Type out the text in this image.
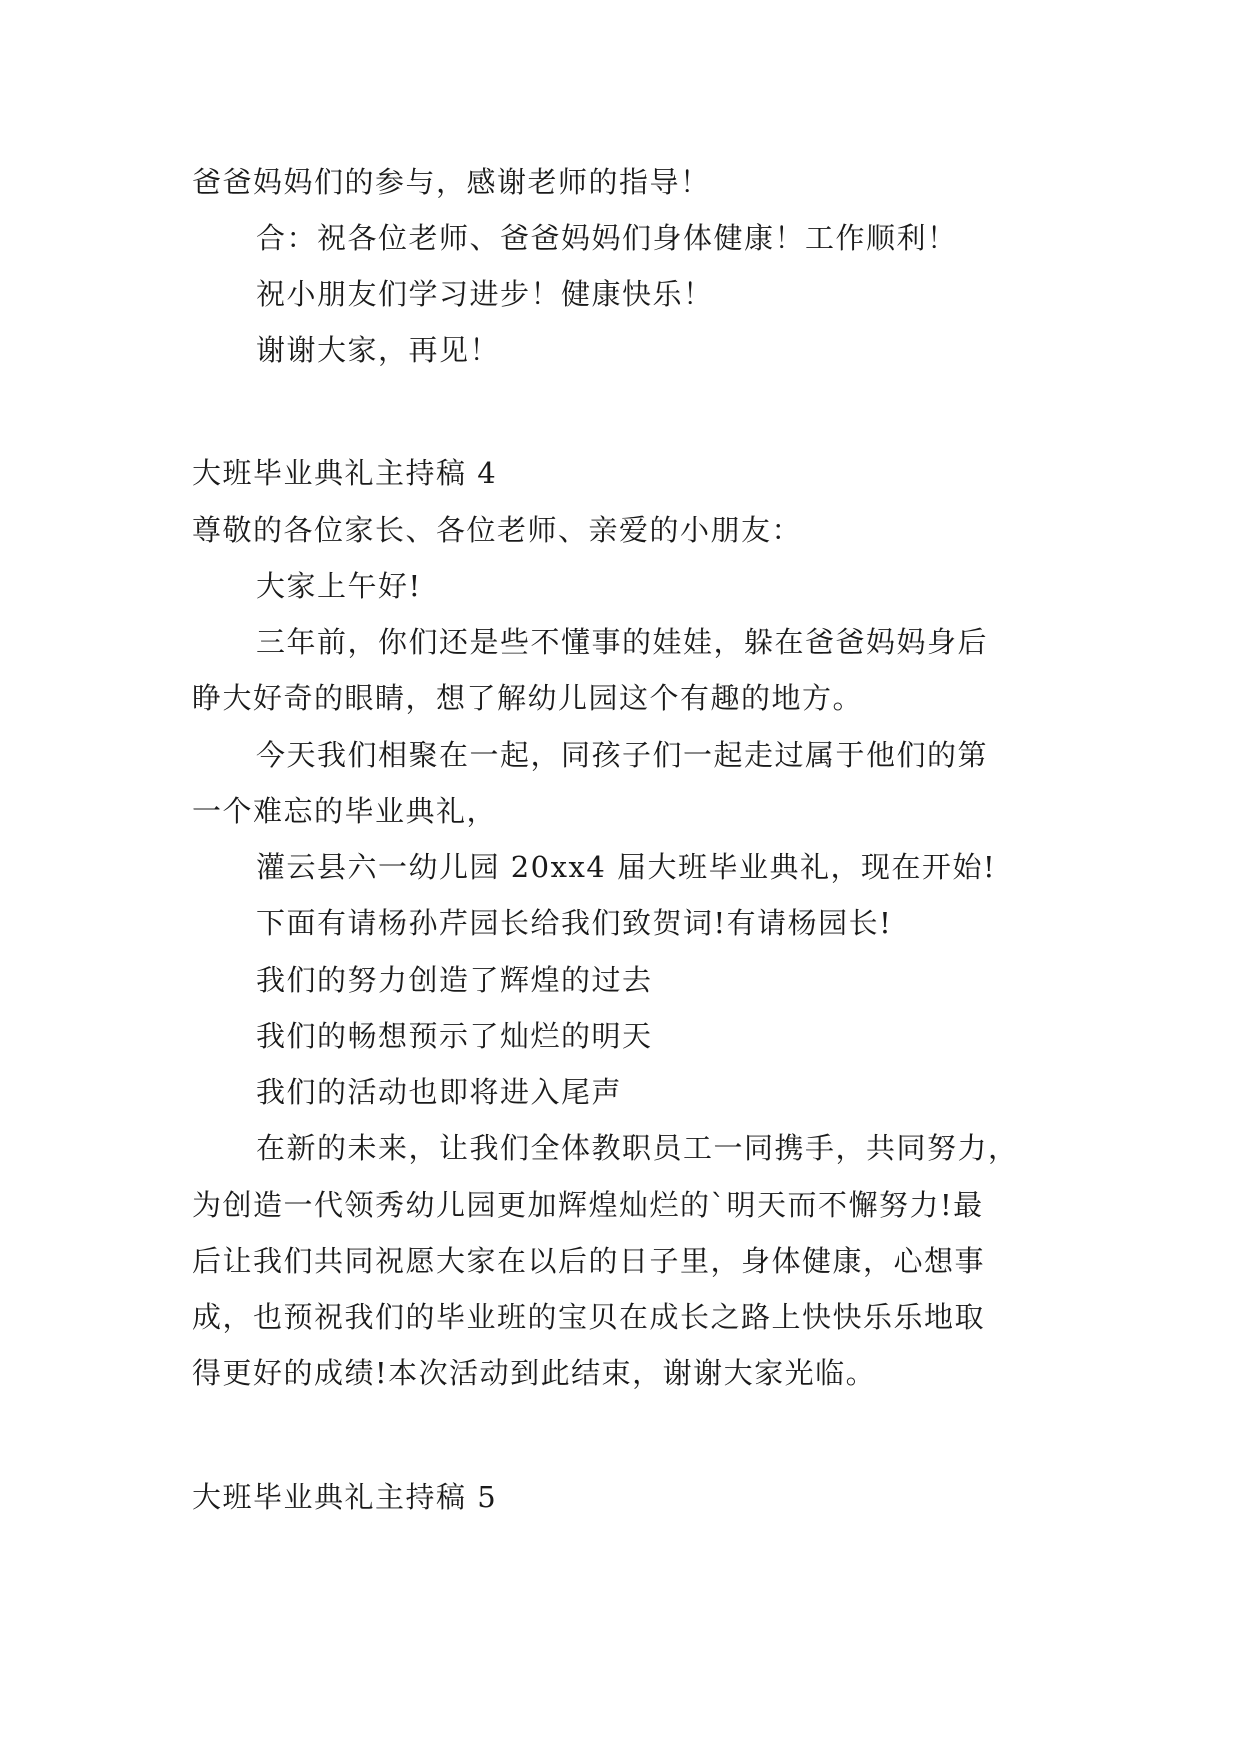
爸爸妈妈们的参与，感谢老师的指导！
合：祝各位老师、爸爸妈妈们身体健康！工作顺利！
祝小朋友们学习进步！健康快乐！
谢谢大家，再见！
大班毕业典礼主持稿 4
尊敬的各位家长、各位老师、亲爱的小朋友：
大家上午好!
三年前，你们还是些不懂事的娃娃，躲在爸爸妈妈身后
睁大好奇的眼睛，想了解幼儿园这个有趣的地方。
今天我们相聚在一起，同孩子们一起走过属于他们的第
一个难忘的毕业典礼，
灌云县六一幼儿园 20xx4 届大班毕业典礼，现在开始!
下面有请杨孙芹园长给我们致贺词!有请杨园长!
我们的努力创造了辉煌的过去
我们的畅想预示了灿烂的明天
我们的活动也即将进入尾声
在新的未来，让我们全体教职员工一同携手，共同努力，
为创造一代领秀幼儿园更加辉煌灿烂的`明天而不懈努力!最
后让我们共同祝愿大家在以后的日子里，身体健康，心想事
成，也预祝我们的毕业班的宝贝在成长之路上快快乐乐地取
得更好的成绩!本次活动到此结束，谢谢大家光临。
大班毕业典礼主持稿 5
